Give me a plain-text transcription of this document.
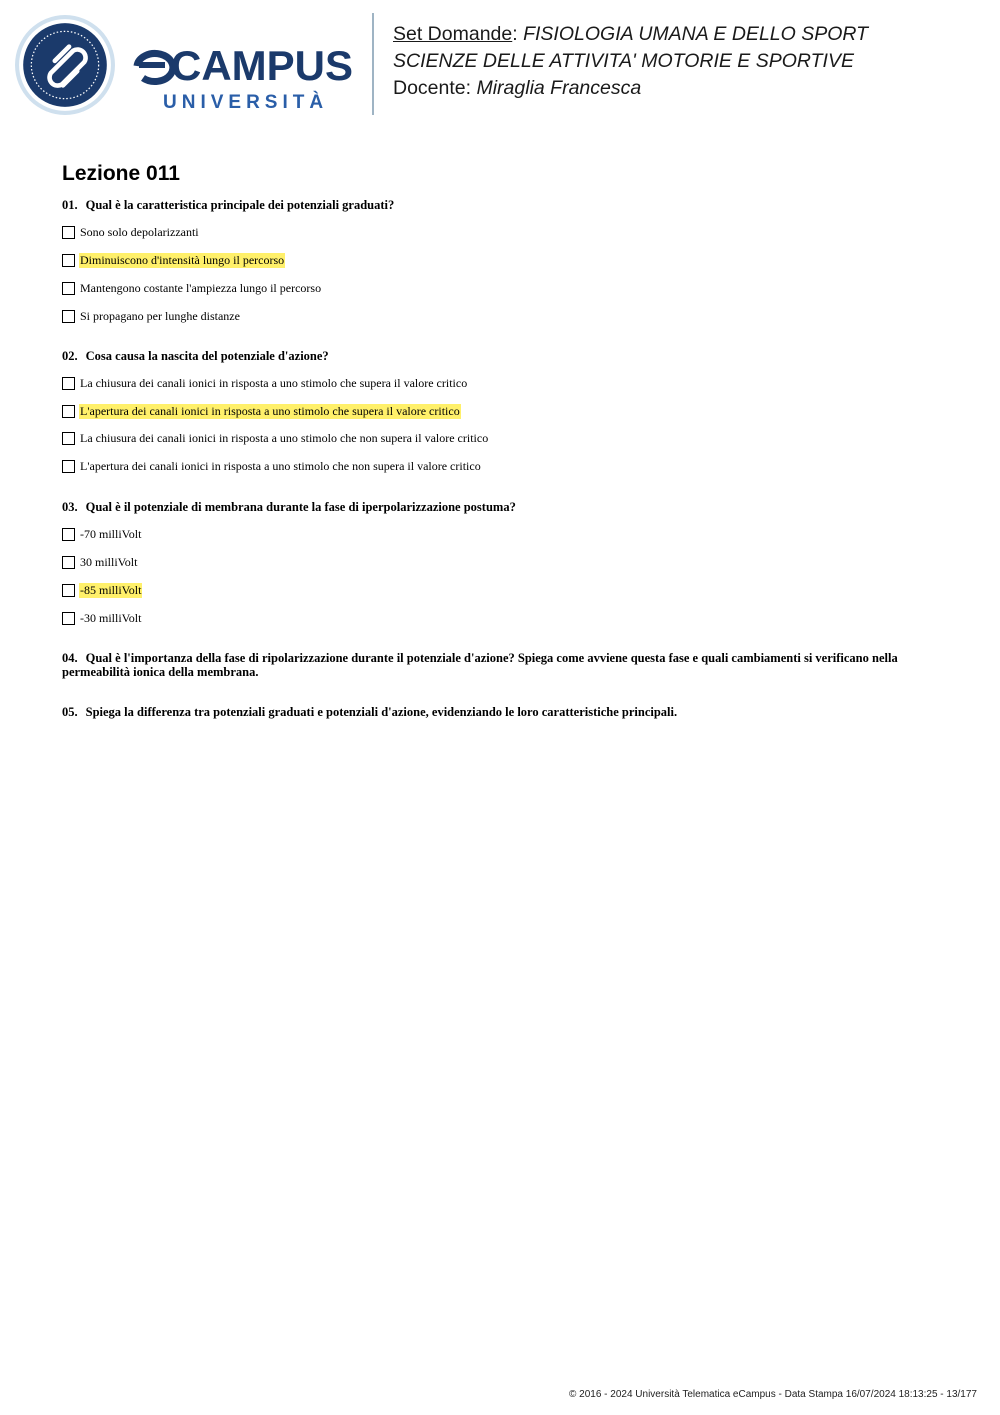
CAMPUS
UNIVERSITÀ
Set Domande: FISIOLOGIA UMANA E DELLO SPORT
SCIENZE DELLE ATTIVITA' MOTORIE E SPORTIVE
Docente: Miraglia Francesca
Lezione 011
01. Qual è la caratteristica principale dei potenziali graduati?
Sono solo depolarizzanti
Diminuiscono d'intensità lungo il percorso
Mantengono costante l'ampiezza lungo il percorso
Si propagano per lunghe distanze
02. Cosa causa la nascita del potenziale d'azione?
La chiusura dei canali ionici in risposta a uno stimolo che supera il valore critico
L'apertura dei canali ionici in risposta a uno stimolo che supera il valore critico
La chiusura dei canali ionici in risposta a uno stimolo che non supera il valore critico
L'apertura dei canali ionici in risposta a uno stimolo che non supera il valore critico
03. Qual è il potenziale di membrana durante la fase di iperpolarizzazione postuma?
-70 milliVolt
30 milliVolt
-85 milliVolt
-30 milliVolt
04. Qual è l'importanza della fase di ripolarizzazione durante il potenziale d'azione? Spiega come avviene questa fase e quali cambiamenti si verificano nella permeabilità ionica della membrana.
05. Spiega la differenza tra potenziali graduati e potenziali d'azione, evidenziando le loro caratteristiche principali.
© 2016 - 2024 Università Telematica eCampus - Data Stampa 16/07/2024 18:13:25 - 13/177
